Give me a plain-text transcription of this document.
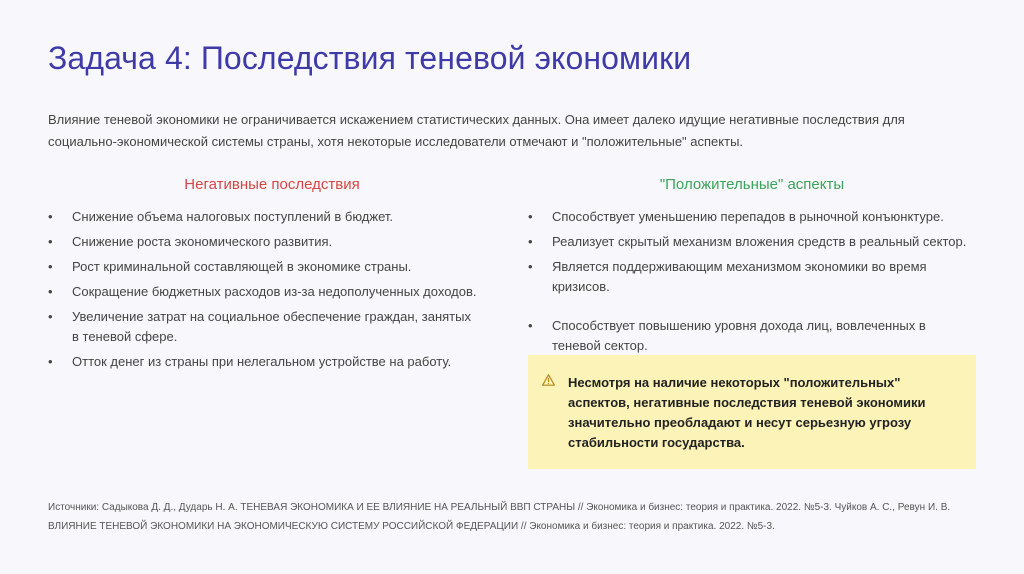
Задача 4: Последствия теневой экономики
Влияние теневой экономики не ограничивается искажением статистических данных. Она имеет далеко идущие негативные последствия для социально-экономической системы страны, хотя некоторые исследователи отмечают и "положительные" аспекты.
Негативные последствия	"Положительные" аспекты
•	Снижение объема налоговых поступлений в бюджет.
•	Снижение роста экономического развития.
•	Рост криминальной составляющей в экономике страны.
•	Сокращение бюджетных расходов из-за недополученных доходов.
•	Увеличение затрат на социальное обеспечение граждан, занятых в теневой сфере.
•	Отток денег из страны при нелегальном устройстве на работу.
•	Способствует уменьшению перепадов в рыночной конъюнктуре.
•	Реализует скрытый механизм вложения средств в реальный сектор.
•	Является поддерживающим механизмом экономики во время кризисов.
•	Способствует повышению уровня дохода лиц, вовлеченных в теневой сектор.
Несмотря на наличие некоторых "положительных" аспектов, негативные последствия теневой экономики значительно преобладают и несут серьезную угрозу стабильности государства.
Источники: Садыкова Д. Д., Дударь Н. А. ТЕНЕВАЯ ЭКОНОМИКА И ЕЕ ВЛИЯНИЕ НА РЕАЛЬНЫЙ ВВП СТРАНЫ // Экономика и бизнес: теория и практика. 2022. №5-3. Чуйков А. С., Ревун И. В. ВЛИЯНИЕ ТЕНЕВОЙ ЭКОНОМИКИ НА ЭКОНОМИЧЕСКУЮ СИСТЕМУ РОССИЙСКОЙ ФЕДЕРАЦИИ // Экономика и бизнес: теория и практика. 2022. №5-3.
